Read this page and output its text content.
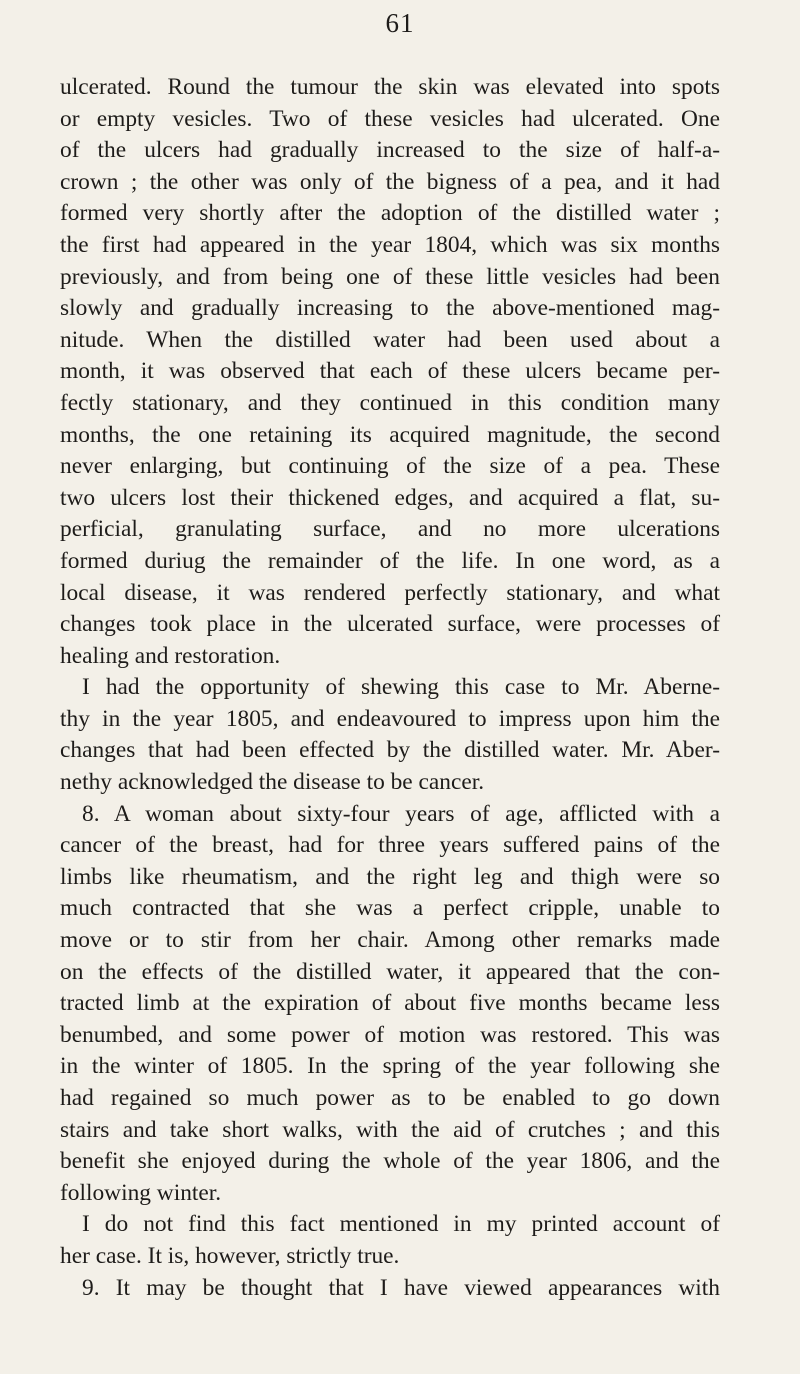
61
ulcerated. Round the tumour the skin was elevated into spots
or empty vesicles. Two of these vesicles had ulcerated. One
of the ulcers had gradually increased to the size of half-a-
crown ; the other was only of the bigness of a pea, and it had
formed very shortly after the adoption of the distilled water ;
the first had appeared in the year 1804, which was six months
previously, and from being one of these little vesicles had been
slowly and gradually increasing to the above-mentioned mag-
nitude. When the distilled water had been used about a
month, it was observed that each of these ulcers became per-
fectly stationary, and they continued in this condition many
months, the one retaining its acquired magnitude, the second
never enlarging, but continuing of the size of a pea. These
two ulcers lost their thickened edges, and acquired a flat, su-
perficial, granulating surface, and no more ulcerations
formed duriug the remainder of the life. In one word, as a
local disease, it was rendered perfectly stationary, and what
changes took place in the ulcerated surface, were processes of
healing and restoration.
I had the opportunity of shewing this case to Mr. Aberne-
thy in the year 1805, and endeavoured to impress upon him the
changes that had been effected by the distilled water. Mr. Aber-
nethy acknowledged the disease to be cancer.
8. A woman about sixty-four years of age, afflicted with a
cancer of the breast, had for three years suffered pains of the
limbs like rheumatism, and the right leg and thigh were so
much contracted that she was a perfect cripple, unable to
move or to stir from her chair. Among other remarks made
on the effects of the distilled water, it appeared that the con-
tracted limb at the expiration of about five months became less
benumbed, and some power of motion was restored. This was
in the winter of 1805. In the spring of the year following she
had regained so much power as to be enabled to go down
stairs and take short walks, with the aid of crutches ; and this
benefit she enjoyed during the whole of the year 1806, and the
following winter.
I do not find this fact mentioned in my printed account of
her case. It is, however, strictly true.
9. It may be thought that I have viewed appearances with
